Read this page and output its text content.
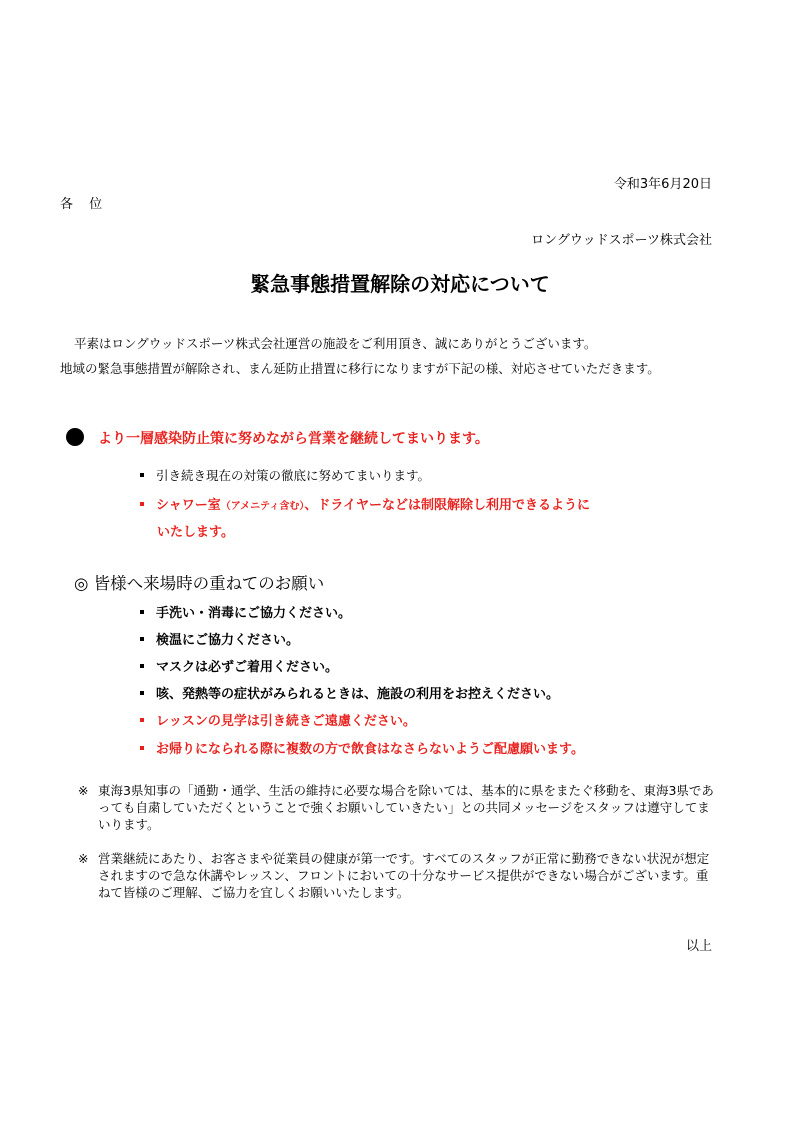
令和3年6月20日
各 位
ロングウッドスポーツ株式会社
緊急事態措置解除の対応について
平素はロングウッドスポーツ株式会社運営の施設をご利用頂き、誠にありがとうございます。
地域の緊急事態措置が解除され、まん延防止措置に移行になりますが下記の様、対応させていただきます。
より一層感染防止策に努めながら営業を継続してまいります。
引き続き現在の対策の徹底に努めてまいります。
シャワー室（アメニティ含む）、ドライヤーなどは制限解除し利用できるように
いたします。
◎ 皆様へ来場時の重ねてのお願い
手洗い・消毒にご協力ください。
検温にご協力ください。
マスクは必ずご着用ください。
咳、発熱等の症状がみられるときは、施設の利用をお控えください。
レッスンの見学は引き続きご遠慮ください。
お帰りになられる際に複数の方で飲食はなさらないようご配慮願います。
※ 東海3県知事の「通勤・通学、生活の維持に必要な場合を除いては、基本的に県をまたぐ移動を、東海3県であっても自粛していただくということで強くお願いしていきたい」との共同メッセージをスタッフは遵守してまいります。
※ 営業継続にあたり、お客さまや従業員の健康が第一です。すべてのスタッフが正常に勤務できない状況が想定されますので急な休講やレッスン、フロントにおいての十分なサービス提供ができない場合がございます。重ねて皆様のご理解、ご協力を宜しくお願いいたします。
以上
